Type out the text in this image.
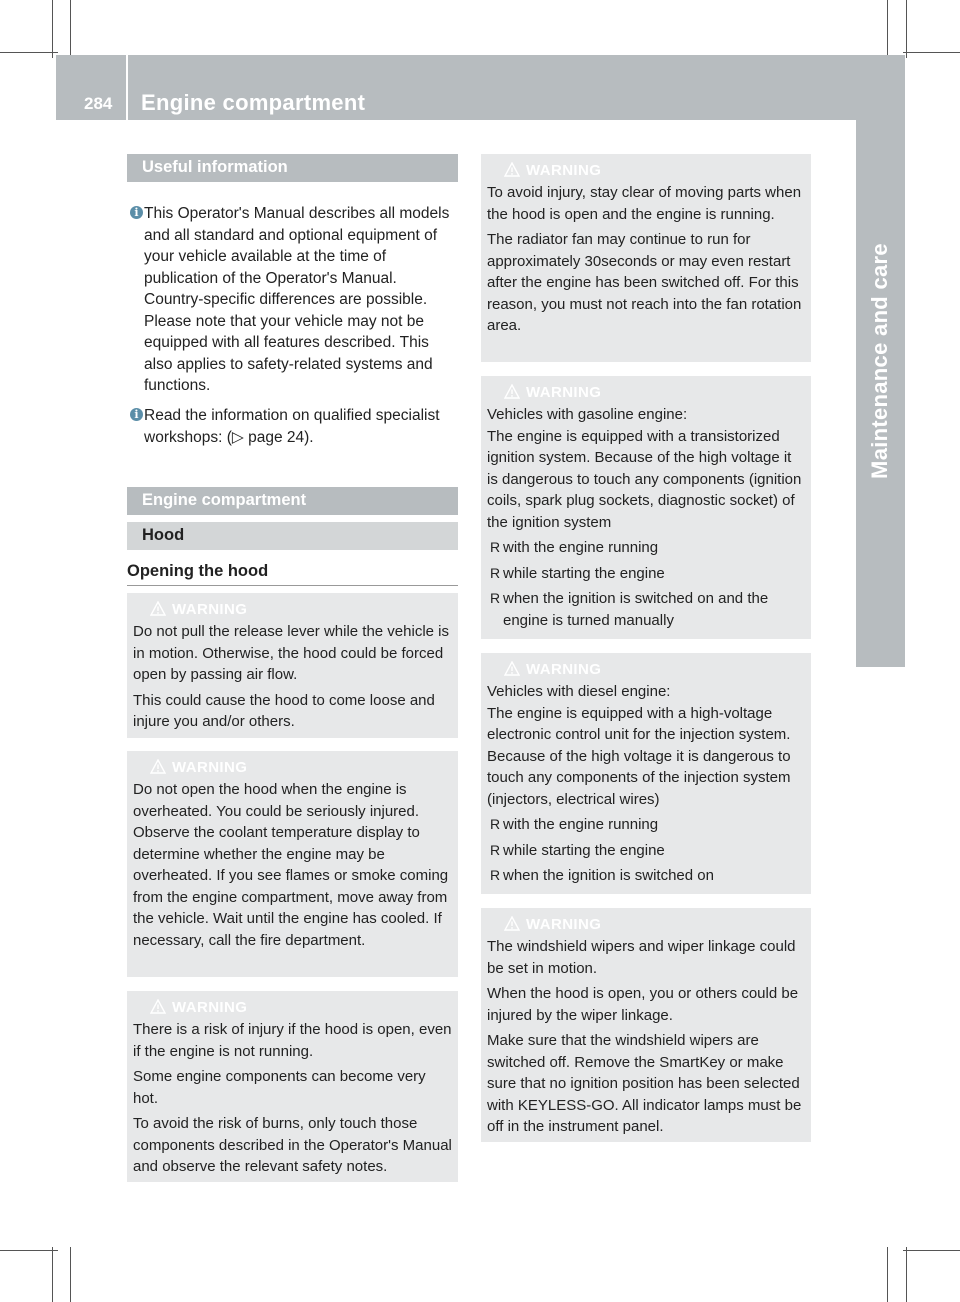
284 Engine compartment
Maintenance and care
Useful information
i This Operator's Manual describes all models and all standard and optional equipment of your vehicle available at the time of publication of the Operator's Manual. Country-specific differences are possible. Please note that your vehicle may not be equipped with all features described. This also applies to safety-related systems and functions.
i Read the information on qualified specialist workshops: (▷ page 24).
Engine compartment
Hood
Opening the hood
WARNING

Do not pull the release lever while the vehicle is in motion. Otherwise, the hood could be forced open by passing air flow.

This could cause the hood to come loose and injure you and/or others.

WARNING

Do not open the hood when the engine is overheated. You could be seriously injured. Observe the coolant temperature display to determine whether the engine may be overheated. If you see flames or smoke coming from the engine compartment, move away from the vehicle. Wait until the engine has cooled. If necessary, call the fire department.

WARNING

There is a risk of injury if the hood is open, even if the engine is not running.

Some engine components can become very hot.

To avoid the risk of burns, only touch those components described in the Operator's Manual and observe the relevant safety notes.

WARNING

To avoid injury, stay clear of moving parts when the hood is open and the engine is running.

The radiator fan may continue to run for approximately 30seconds or may even restart after the engine has been switched off. For this reason, you must not reach into the fan rotation area.

WARNING

Vehicles with gasoline engine:

The engine is equipped with a transistorized ignition system. Because of the high voltage it is dangerous to touch any components (ignition coils, spark plug sockets, diagnostic socket) of the ignition system

R with the engine running
R while starting the engine
R when the ignition is switched on and the engine is turned manually
WARNING

Vehicles with diesel engine:

The engine is equipped with a high-voltage electronic control unit for the injection system. Because of the high voltage it is dangerous to touch any components of the injection system (injectors, electrical wires)

R with the engine running
R while starting the engine
R when the ignition is switched on
WARNING

The windshield wipers and wiper linkage could be set in motion.

When the hood is open, you or others could be injured by the wiper linkage.

Make sure that the windshield wipers are switched off. Remove the SmartKey or make sure that no ignition position has been selected with KEYLESS-GO. All indicator lamps must be off in the instrument panel.
